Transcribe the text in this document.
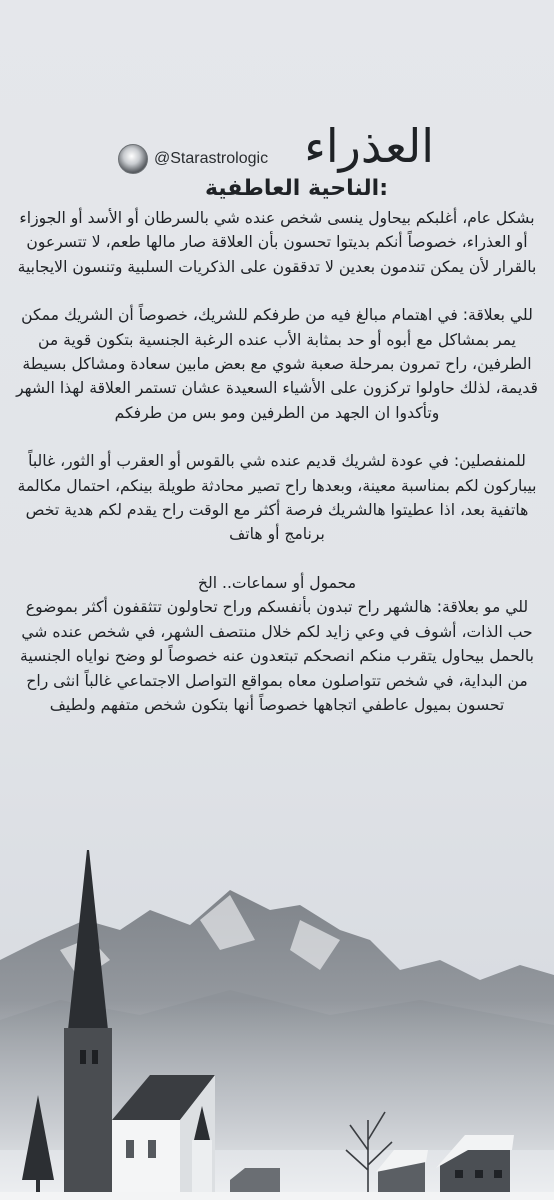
العذراء
@Starastrologic
:الناحية العاطفية

بشكل عام، أغلبكم بيحاول ينسى شخص عنده شي بالسرطان أو الأسد أو الجوزاء أو العذراء، خصوصاً أنكم بديتوا تحسون بأن العلاقة صار مالها طعم، لا تتسرعون بالقرار لأن يمكن تندمون بعدين لا تدققون على الذكريات السلبية وتنسون الايجابية

للي بعلاقة: في اهتمام مبالغ فيه من طرفكم للشريك، خصوصاً أن الشريك ممكن يمر بمشاكل مع أبوه أو حد بمثابة الأب عنده الرغبة الجنسية بتكون قوية من الطرفين، راح تمرون بمرحلة صعبة شوي مع بعض مابين سعادة ومشاكل بسيطة قديمة، لذلك حاولوا تركزون على الأشياء السعيدة عشان تستمر العلاقة لهذا الشهر وتأكدوا ان الجهد من الطرفين ومو بس من طرفكم

للمنفصلين: في عودة لشريك قديم عنده شي بالقوس أو العقرب أو الثور، غالباً بيباركون لكم بمناسبة معينة، وبعدها راح تصير محادثة طويلة بينكم، احتمال مكالمة هاتفية بعد، اذا عطيتوا هالشريك فرصة أكثر مع الوقت راح يقدم لكم هدية تخص برنامج أو هاتف

محمول أو سماعات.. الخ

للي مو بعلاقة: هالشهر راح تبدون بأنفسكم وراح تحاولون تتثقفون أكثر بموضوع حب الذات، أشوف في وعي زايد لكم خلال منتصف الشهر، في شخص عنده شي بالحمل بيحاول يتقرب منكم انصحكم تبتعدون عنه خصوصاً لو وضح نواياه الجنسية من البداية، في شخص تتواصلون معاه بمواقع التواصل الاجتماعي غالباً انثى راح تحسون بميول عاطفي اتجاهها خصوصاً أنها بتكون شخص متفهم ولطيف
